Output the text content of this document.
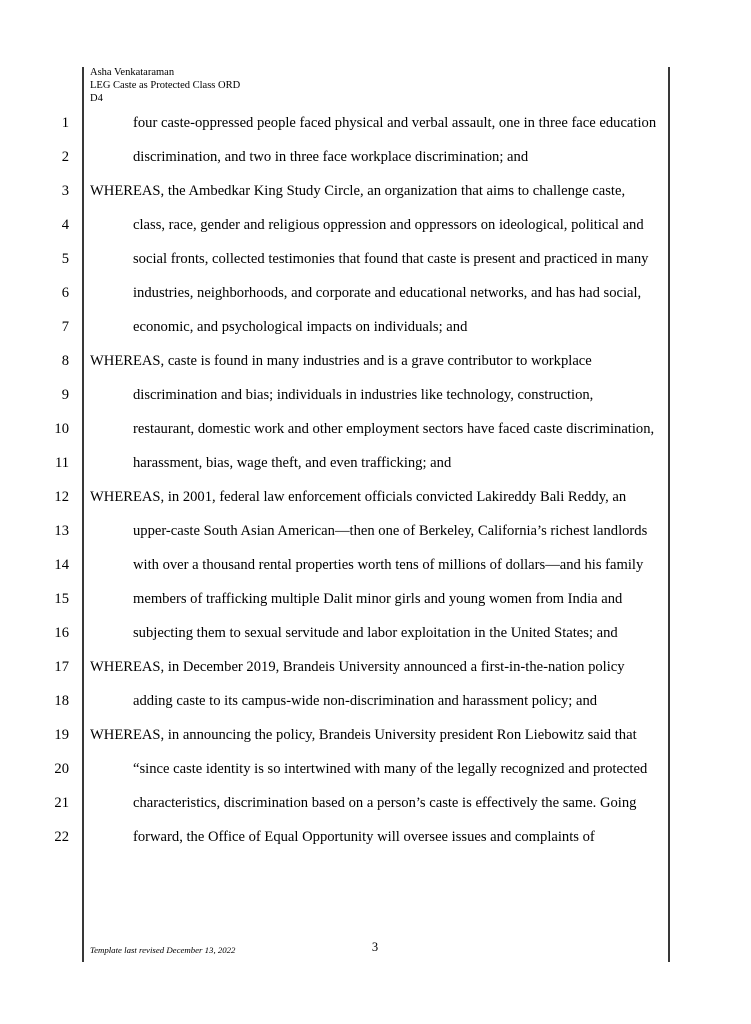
Asha Venkataraman
LEG Caste as Protected Class ORD
D4
1	four caste-oppressed people faced physical and verbal assault, one in three face education
2	discrimination, and two in three face workplace discrimination; and
3 WHEREAS, the Ambedkar King Study Circle, an organization that aims to challenge caste,
4	class, race, gender and religious oppression and oppressors on ideological, political and
5	social fronts, collected testimonies that found that caste is present and practiced in many
6	industries, neighborhoods, and corporate and educational networks, and has had social,
7	economic, and psychological impacts on individuals; and
8 WHEREAS, caste is found in many industries and is a grave contributor to workplace
9	discrimination and bias; individuals in industries like technology, construction,
10	restaurant, domestic work and other employment sectors have faced caste discrimination,
11	harassment, bias, wage theft, and even trafficking; and
12 WHEREAS, in 2001, federal law enforcement officials convicted Lakireddy Bali Reddy, an
13	upper-caste South Asian American—then one of Berkeley, California’s richest landlords
14	with over a thousand rental properties worth tens of millions of dollars—and his family
15	members of trafficking multiple Dalit minor girls and young women from India and
16	subjecting them to sexual servitude and labor exploitation in the United States; and
17 WHEREAS, in December 2019, Brandeis University announced a first-in-the-nation policy
18	adding caste to its campus-wide non-discrimination and harassment policy; and
19 WHEREAS, in announcing the policy, Brandeis University president Ron Liebowitz said that
20	“since caste identity is so intertwined with many of the legally recognized and protected
21	characteristics, discrimination based on a person’s caste is effectively the same. Going
22	forward, the Office of Equal Opportunity will oversee issues and complaints of
Template last revised December 13, 2022	3
